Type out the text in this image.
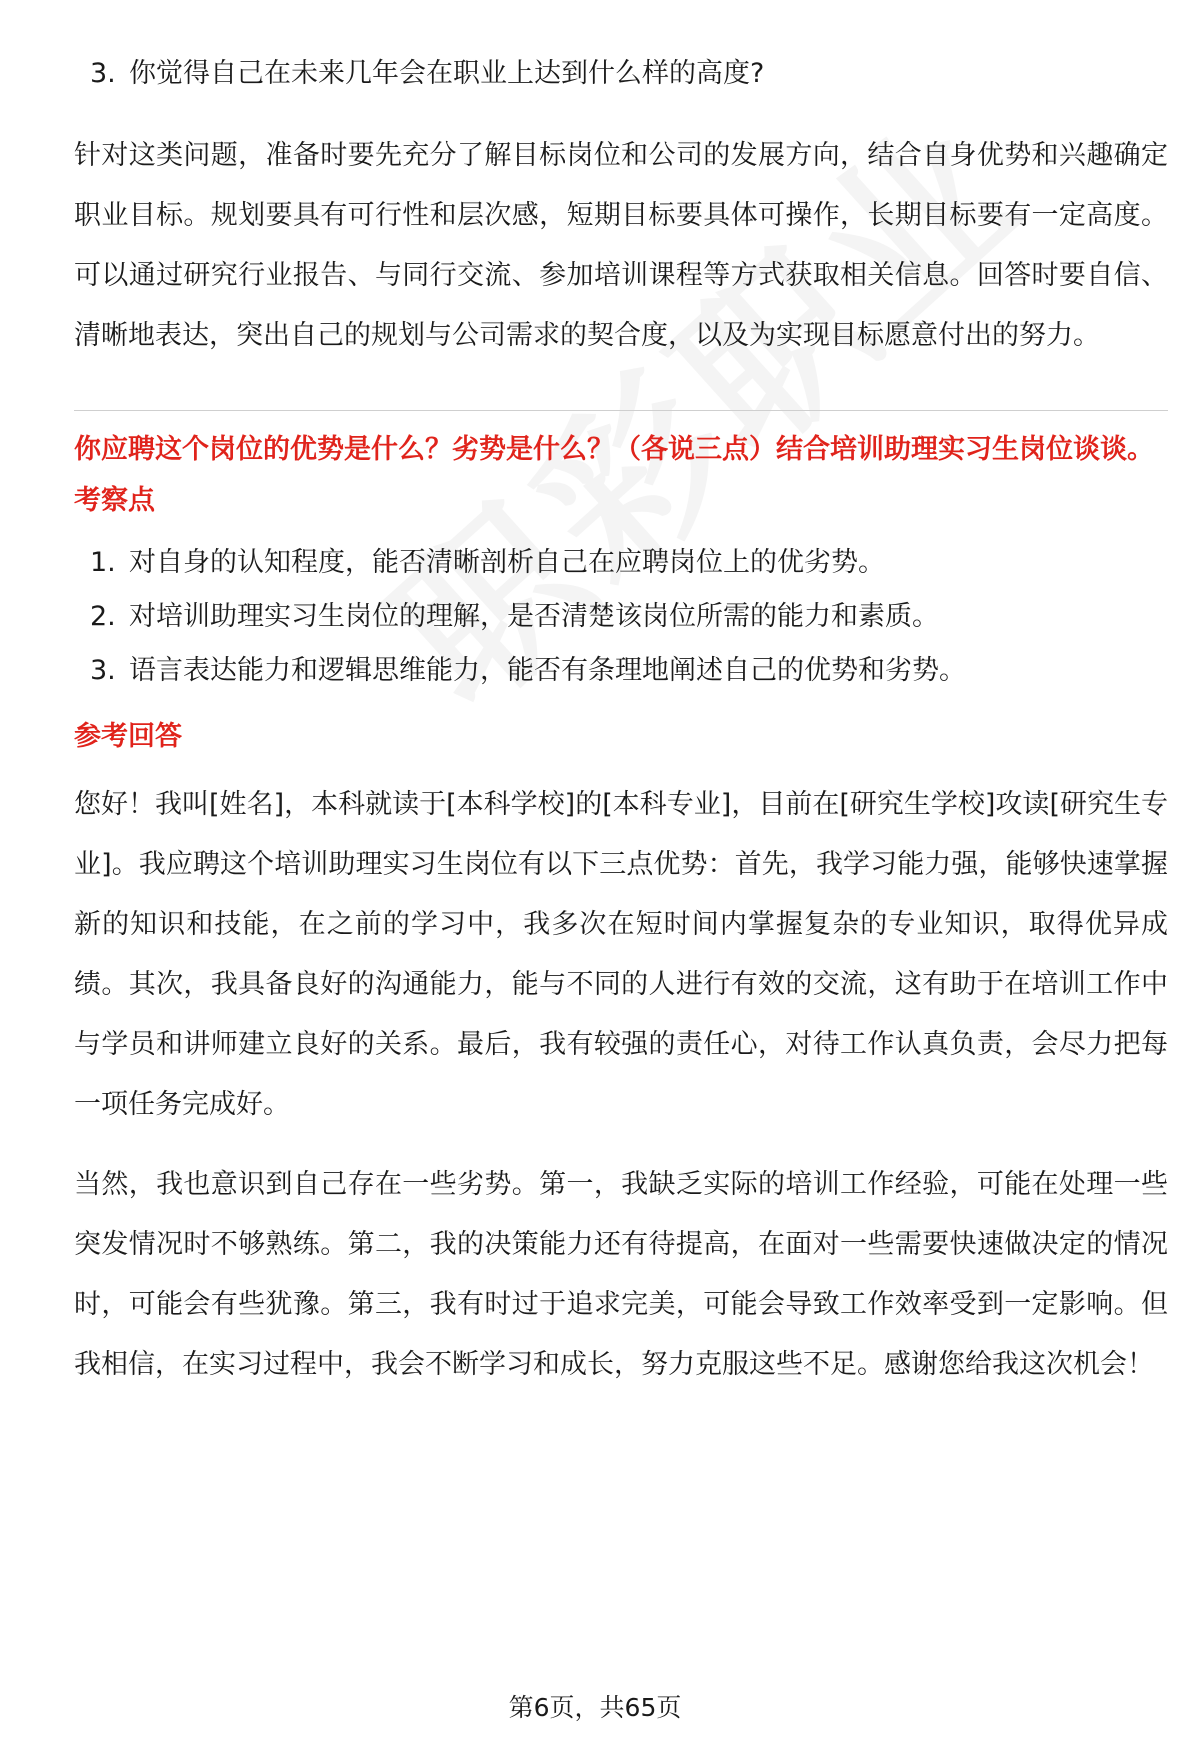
3. 你觉得自己在未来几年会在职业上达到什么样的高度?

针对这类问题，准备时要先充分了解目标岗位和公司的发展方向，结合自身优势和兴趣确定职业目标。规划要具有可行性和层次感，短期目标要具体可操作，长期目标要有一定高度。可以通过研究行业报告、与同行交流、参加培训课程等方式获取相关信息。回答时要自信、清晰地表达，突出自己的规划与公司需求的契合度，以及为实现目标愿意付出的努力。

你应聘这个岗位的优势是什么？劣势是什么？（各说三点）结合培训助理实习生岗位谈谈。

考察点

1. 对自身的认知程度，能否清晰剖析自己在应聘岗位上的优劣势。
2. 对培训助理实习生岗位的理解，是否清楚该岗位所需的能力和素质。
3. 语言表达能力和逻辑思维能力，能否有条理地阐述自己的优势和劣势。

参考回答

您好！我叫[姓名]，本科就读于[本科学校]的[本科专业]，目前在[研究生学校]攻读[研究生专业]。我应聘这个培训助理实习生岗位有以下三点优势：首先，我学习能力强，能够快速掌握新的知识和技能，在之前的学习中，我多次在短时间内掌握复杂的专业知识，取得优异成绩。其次，我具备良好的沟通能力，能与不同的人进行有效的交流，这有助于在培训工作中与学员和讲师建立良好的关系。最后，我有较强的责任心，对待工作认真负责，会尽力把每一项任务完成好。

当然，我也意识到自己存在一些劣势。第一，我缺乏实际的培训工作经验，可能在处理一些突发情况时不够熟练。第二，我的决策能力还有待提高，在面对一些需要快速做决定的情况时，可能会有些犹豫。第三，我有时过于追求完美，可能会导致工作效率受到一定影响。但我相信，在实习过程中，我会不断学习和成长，努力克服这些不足。感谢您给我这次机会！

第6页，共65页
